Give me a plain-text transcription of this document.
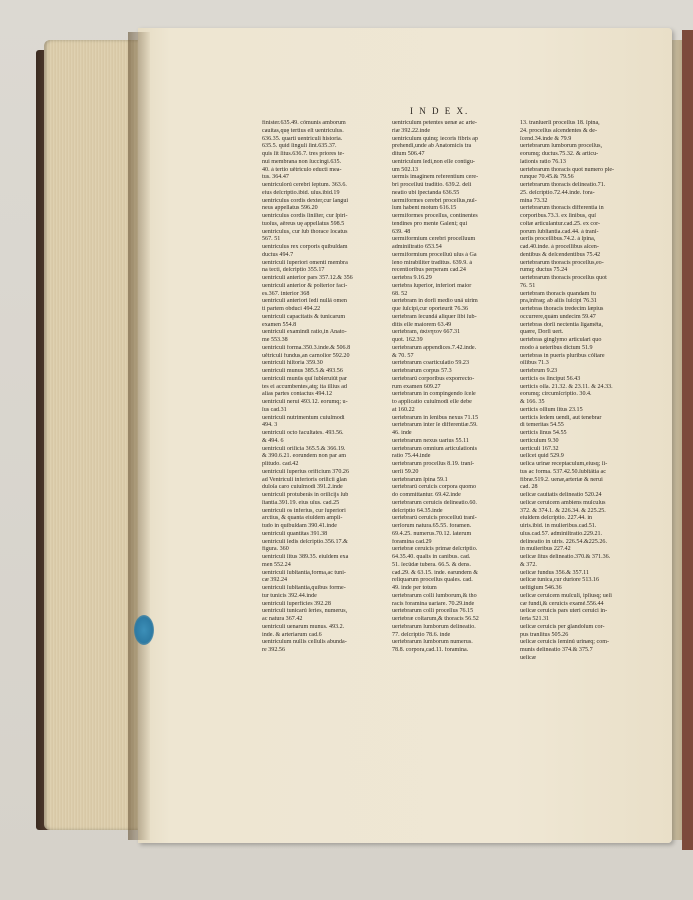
I N D E X.
finister.635.49. cõmunis amborum
cauitas,quę tertius eſt uentriculus.
636.35. quarti uentriculi historia.
635.5. quid ſinguli ſint.635.37.
quis ſit ſitus.636.7. tres priores te-
nui membrana non ſuccingi.635.
40. à tertio uětriculo educti mea-
tus. 364.47
uentriculorũ cerebri ſeptum. 363.6.
eius deſcriptio.ibid. uſus.ibid.19
uentriculus cordis dexter,cur ſangui
neus appellatus 596.20
uentriculus cordis ſiniſter, cur ſpiri-
tuoſus, aëreus uę appellatus 598.5
uentriculus, cur ſub thorace locatus
567. 51
uentriculus rex corporis quibuſdam
ductus 494.7
uentriculi ſuperiori omenti membra
na tecti, deſcriptio 355.17
uentriculi anterior pars 357.12.& 356
uentriculi anterior & poſterior faci-
es.367. interior 368
uentriculi anteriori ſedi nullã omen
ti partem obduci 494.22
uentriculi capacitatis & tunicarum
examen 554.8
uentriculi examindi ratio,in Anato-
me 553.38
uentriculi forma.350.3.inde.& 506.8
uětriculi fundus,an carnoſior 592.20
uentriculi hiſtoria 359.30
uentriculi munus 385.5.& 493.56
uentriculi munüs quĩ ſubſeruiũt par
tes ei accumbentes,atq; ita illius ad
alias partes contactus 494.12
uentriculi nerui 493.12. eorumq; u-
ſus cad.31
uentriculi nutrimentum cuiuſmodi
494. 3
uentriculi octo facultates. 493.56.
& 494. 6
uentriculi oriſicia 365.5.& 366.19.
& 390.6.21. eorundem non par am
plitudo. cad.42
uentriculi ſuperius orificium 370.26
ad Ventriculi inferioris oriſicii glan
duloſa caro cuiuſmodi 391.2.inde
uentriculi protuberãs in oriſicijs ſub
ſtantia.391.19. eius uſus. cad.25
uentriculi os inferius, cur ſuperiori
arctius, & quanta eiuſdem ampli-
tudo in quibuſdam 390.41.inde
uentriculi quantitas 391.38
uentriculi ſedis deſcriptio.356.17.&
figura. 360
uentriculi ſitus 389.35. eiuſdem exa
men 552.24
uentriculi ſubſtantia,forma,ac tuni-
cæ 392.24
uentriculi ſubſtantia,quibus forme-
tur tunicis 392.44.inde
uentriculi ſuperficies 392.28
uentriculi tunicarũ ſeries, numerus,
ac natura 367.42
uentriculi uenarum munus. 493.2.
inde. & arteriarum cad.6
uentriculum nullis cellulis abunda-
re 392.56
uentriculum petentes uenæ ac arte-
riæ 392.22.inde
uentriculum quinq; iecoris fibris ap
prehendi,unde ab Anatomicis tra
ditum 506.47
uentriculum ſedi,non eſſe contigu-
um 502.13
uermis imaginem referentium cere-
bri proceſſuũ traditio. 639.2. deli
neatio ubi ſpectanda 636.55
uermiformes cerebri proceſſus,nul-
lum habent motum 616.15
uermiformes proceſſus, continentes
tendines pro mente Galeni; qui
639. 48
uermiformium cerebri proceſſuum
adminiſtratio 653.54
uermiformium proceſſuũ uſus à Ga
leno mirabiliter traditus. 639.9. à
recentioribus perperam cad.24
uertebra 9.16.29
uertebra ſuperior, inferiori maior
68. 52
uertebram in dorſi medio unã uirim
que ſuſcipi,cur oporteurit 76.36
uertebram ſecundã aliquer ſibi ſub-
ditis eſſe maiorem 63.49
uertebram, ἀκίνητον 667.31
quot. 162.39
uertebrarum appendices.7.42.inde.
& 70. 57
uertebrarum coarticulatio 59.23
uertebrarum corpus 57.3
uertebrarũ corporibus exporrecto-
rum examen 609.27
uertebrarum in compingendo ſcele
to applicatio cuiuſmodi eſſe debe
at 160.22
uertebrarum in ſenibus nexus 71.15
uertebrarum inter ſe differentiæ.59.
46. inde
uertebrarum nexus uarius 55.11
uertebrarum omnium articulationis
ratio 75.44.inde
uertebrarum proceſſus 8.19. tranſ-
uerſi 59.20
uertebrarum ſpina 59.1
uertebrarũ ceruicis corpora quomo
do committantur. 69.42.inde
uertebrarum ceruicis delineatio.60.
deſcriptio 64.35.inde
uertebrarũ ceruicis proceſſuũ tranſ-
uerſorum natura.65.55. foramen.
69.4.25. numerus.70.12. laterum
foramina cad.29
uertebræ ceruicis primæ deſcriptio.
64.35.40. qualis in canibus. cad.
51. ſecūdæ tubera. 66.5. & dens.
cad.29. & 63.15. inde. earundem &
reliquarum proceſſus quales. cad.
49. inde per totum
uertebrarum colli lumborum,& tho
racis foramina uariare. 70.29.inde
uertebrarum colli proceſſus 76.15
uertebræ coſtarum,& thoracis 56.52
uertebrarum lumborum delineatio.
77. deſcriptio 78.6. inde
uertebrarum lumborum numerus.
78.8. corpora,cad.11. foramina.
13. tranſuerſi proceſſus 18. ſpina,
24. proceſſus aſcendentes & de-
ſcend.34.inde & 79.9
uertebrarum lumborum proceſſus,
eorumq; ductus.75.32. & articu-
lationis ratio 76.13
uertebrarum thoracis quot numero ple-
runque 70.45.& 79.56
uertebrarum thoracis delineatio.71.
25. deſcriptio.72.44.inde. fora-
mina 73.32
uertebrarum thoracis differentia in
corporibus.73.3. ex ſinibus, quĩ
coſtæ articulantur.cad.25. ex cor-
porum ſubſtantia.cad.44. à tranſ-
uerſis proceſſibus.74.2. à ſpina,
cad.40.inde. à proceſſibus aſcen-
dentibus & deſcendentibus 75.42
uertebrarum thoracis proceſſus,eo-
rumq; ductus 75.24
uertebrarum thoracis proceſſus quot
76. 51
uertebram thoracis quandam fu
pra,infraq; ab aliis ſuſcipi 76.31
uertebras thoracis tredecim ſæpius
occurrere,quàm undecim 59.47
uertebras dorſi nectentia ligamẽta,
quære, Dorſi uert.
uertebras ginglymo articulari quo
modo à ueteribus dictum 51.9
uertebras in pueris pluribus cõſtare
oſſibus 71.3
uertebrum 9.23
uerticis os ſinciput 56.43
uerticis oſſa. 21.32. & 23.11. & 24.33.
eorumq; circumſcriptio. 30.4.
& 166. 35
uerticis oſſium ſitus 23.15
uerticis ſedem uendi, aut tenebrar
di temeritas 54.55
uerticis ſinus 54.55
uerticulum 9.30
uerticuli 167.32
ueſſcet quid 529.9
ueſica urinæ receptaculum,eiusq; ſi-
tus ac forma. 537.42.50.ſubſtãtia ac
fibræ.519.2. uenæ,arteriæ & nerui
cad. 28
ueſicæ cauitatis delineatio 520.24
ueſicæ ceruicem ambiens muſculus
372. & 374.1. & 226.34. & 225.25.
eiuſdem deſcriptio. 227.44. in
uiris.ibid. in mulieribus.cad.51.
uſus.cad.57. adminiſtratio.229.21.
delineatio in uiris. 226.54.&225.26.
in mulieribus 227.42
ueſicæ ſitus delineatio.370.& 371.36.
& 372.
ueſicæ fundus 356.& 357.11
ueſicæ tunica,cur duriore 513.16
ueſtigium 546.36
ueſicæ ceruicem muſculi, ipſiusq; ueſi
cæ fundi,& ceruicis examẽ.556.44
ueſicæ ceruicis pars uteri ceruici in-
ſerta 521.31
ueſicæ ceruicis per glandoſum cor-
pus tranſitus 505.26
ueſicæ ceruicis ſeminũ urinæq; com-
munis delineatio 374.& 375.7
ueſicæ
